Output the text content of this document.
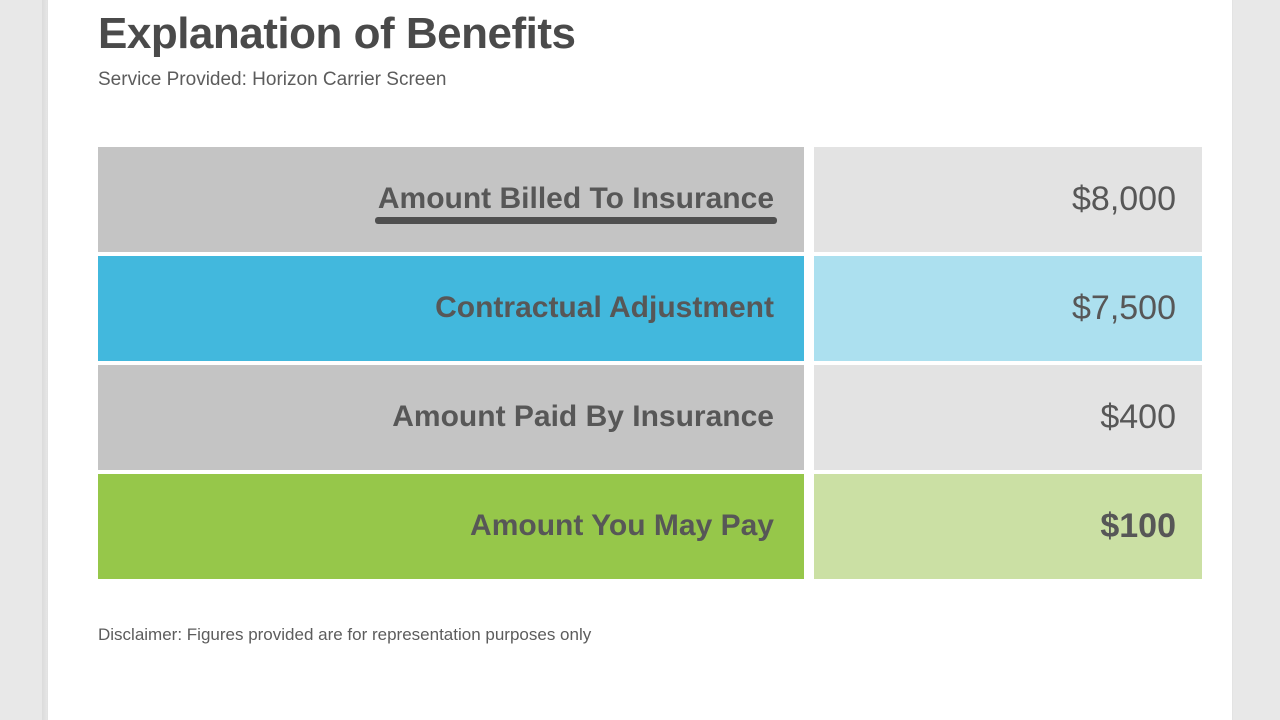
Explanation of Benefits

Service Provided: Horizon Carrier Screen

Amount Billed To Insurance	$8,000
Contractual Adjustment	$7,500
Amount Paid By Insurance	$400
Amount You May Pay	$100

Disclaimer: Figures provided are for representation purposes only
